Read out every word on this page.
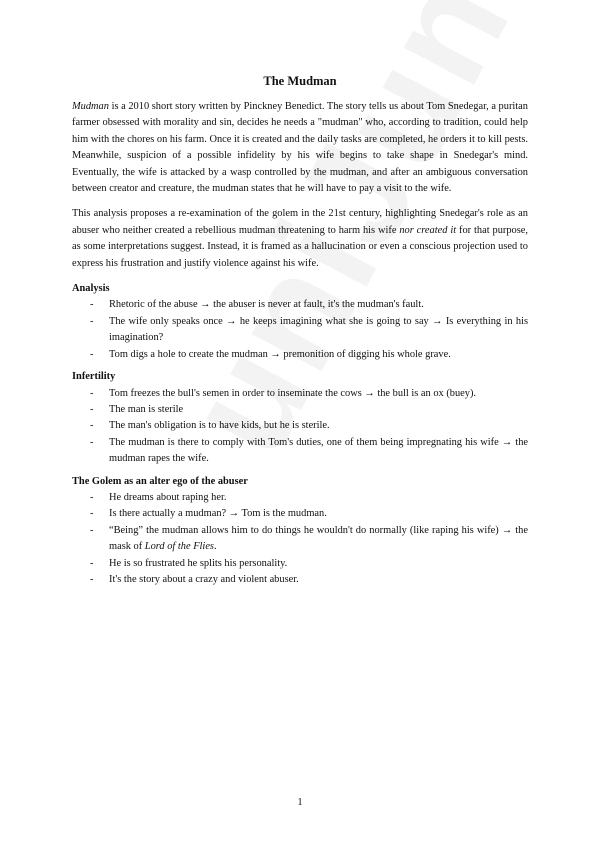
The Mudman

Mudman is a 2010 short story written by Pinckney Benedict. The story tells us about Tom Snedegar, a puritan farmer obsessed with morality and sin, decides he needs a "mudman" who, according to tradition, could help him with the chores on his farm. Once it is created and the daily tasks are completed, he orders it to kill pests. Meanwhile, suspicion of a possible infidelity by his wife begins to take shape in Snedegar's mind. Eventually, the wife is attacked by a wasp controlled by the mudman, and after an ambiguous conversation between creator and creature, the mudman states that he will have to pay a visit to the wife.

This analysis proposes a re-examination of the golem in the 21st century, highlighting Snedegar's role as an abuser who neither created a rebellious mudman threatening to harm his wife nor created it for that purpose, as some interpretations suggest. Instead, it is framed as a hallucination or even a conscious projection used to express his frustration and justify violence against his wife.

Analysis
- Rhetoric of the abuse → the abuser is never at fault, it's the mudman's fault.
- The wife only speaks once → he keeps imagining what she is going to say → Is everything in his imagination?
- Tom digs a hole to create the mudman → premonition of digging his whole grave.
Infertility
- Tom freezes the bull's semen in order to inseminate the cows → the bull is an ox (buey).
- The man is sterile
- The man's obligation is to have kids, but he is sterile.
- The mudman is there to comply with Tom's duties, one of them being impregnating his wife → the mudman rapes the wife.
The Golem as an alter ego of the abuser
- He dreams about raping her.
- Is there actually a mudman? → Tom is the mudman.
- “Being” the mudman allows him to do things he wouldn't do normally (like raping his wife) → the mask of Lord of the Flies.
- He is so frustrated he splits his personality.
- It's the story about a crazy and violent abuser.
1
